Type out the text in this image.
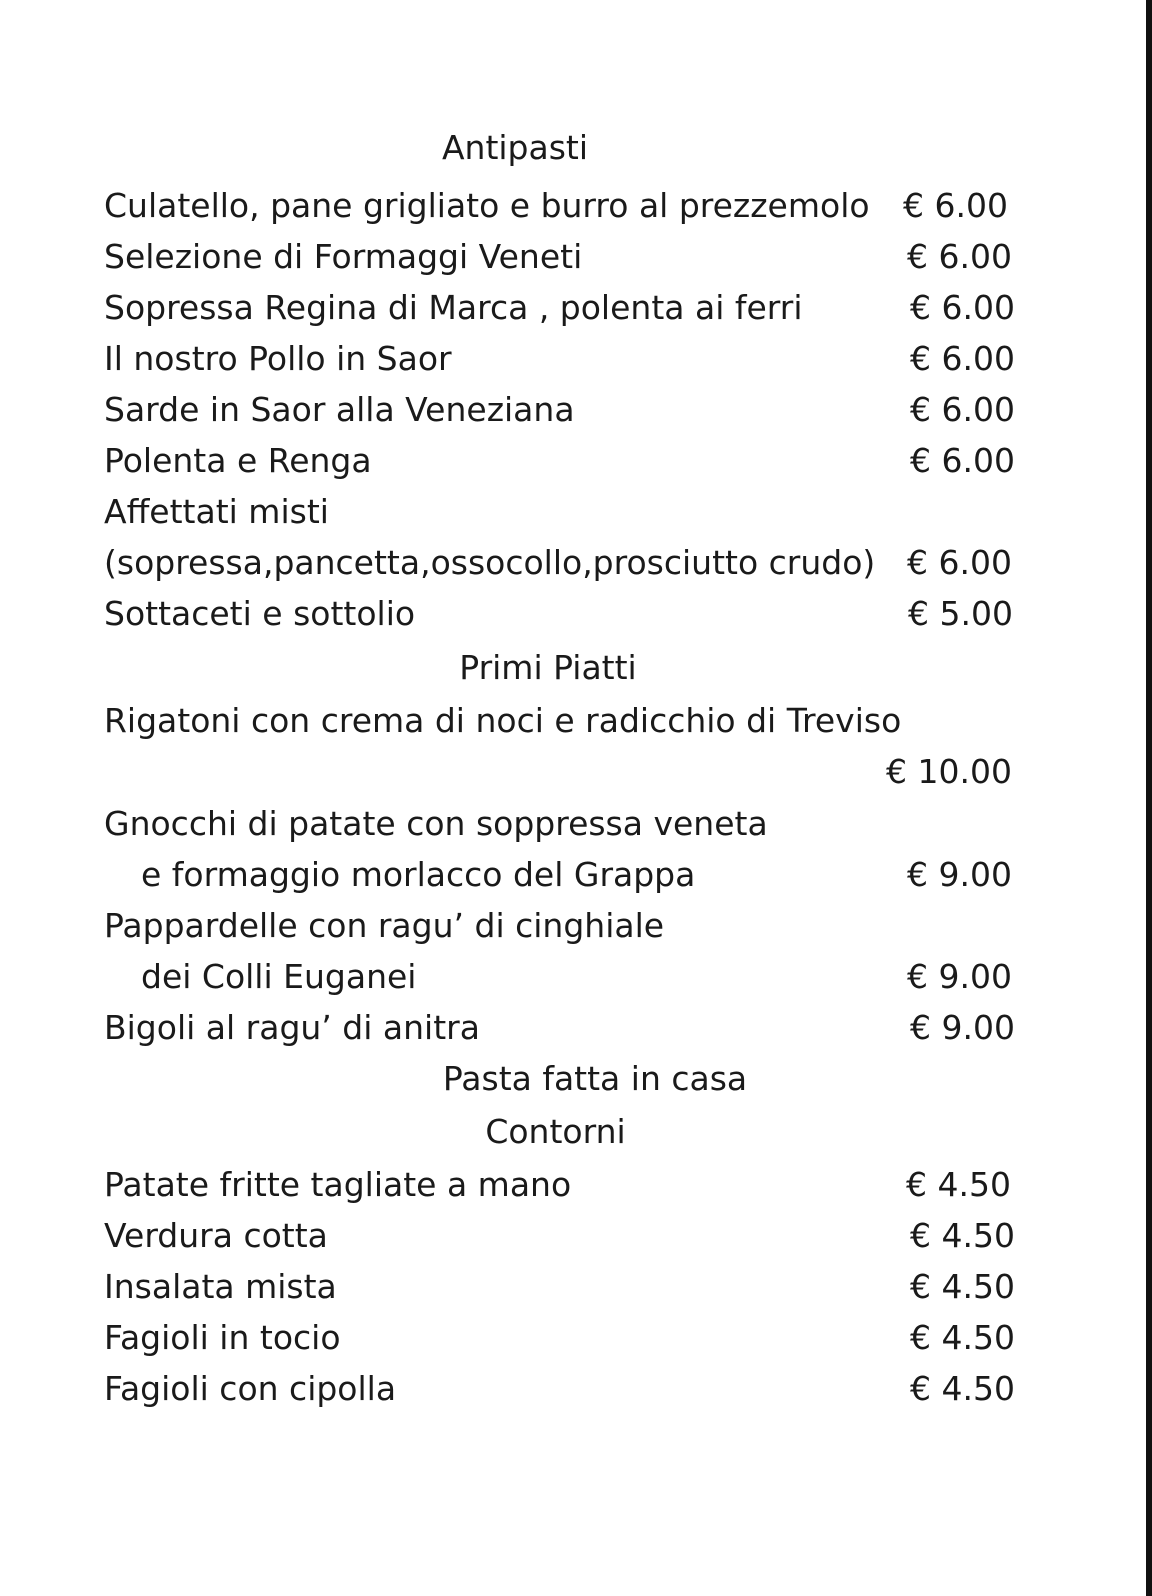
Antipasti
Culatello, pane grigliato e burro al prezzemolo € 6.00
Selezione di Formaggi Veneti	€ 6.00
Sopressa Regina di Marca , polenta ai ferri	€ 6.00
Il nostro Pollo in Saor	€ 6.00
Sarde in Saor alla Veneziana	€ 6.00
Polenta e Renga	€ 6.00
Affettati misti
(sopressa,pancetta,ossocollo,prosciutto crudo) € 6.00
Sottaceti e sottolio	€ 5.00
Primi Piatti
Rigatoni con crema di noci e radicchio di Treviso
€ 10.00
Gnocchi di patate con soppressa veneta
e formaggio morlacco del Grappa	€ 9.00
Pappardelle con ragu’ di cinghiale
dei Colli Euganei	€ 9.00
Bigoli al ragu’ di anitra	€ 9.00
Pasta fatta in casa
Contorni
Patate fritte tagliate a mano	€ 4.50
Verdura cotta	€ 4.50
Insalata mista	€ 4.50
Fagioli in tocio	€ 4.50
Fagioli con cipolla	€ 4.50
